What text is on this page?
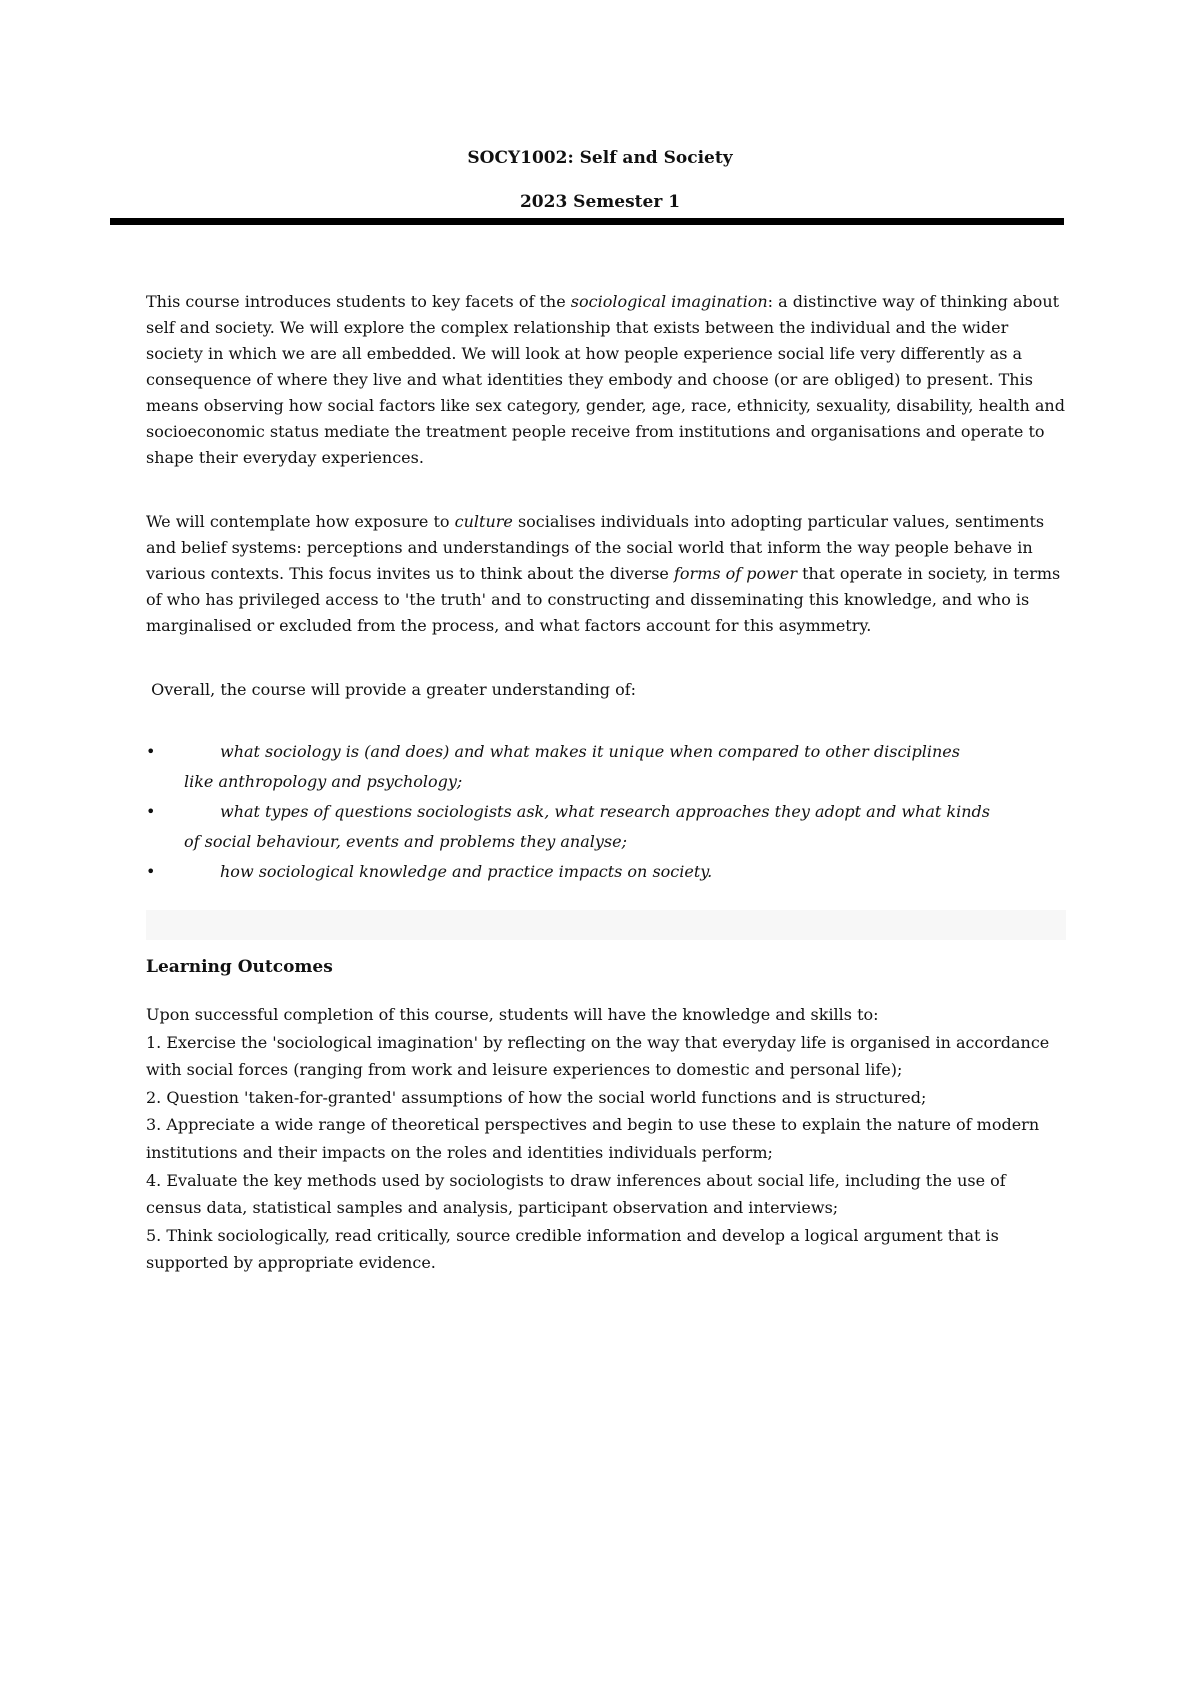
SOCY1002: Self and Society
2023 Semester 1
This course introduces students to key facets of the sociological imagination: a distinctive way of thinking about self and society. We will explore the complex relationship that exists between the individual and the wider society in which we are all embedded. We will look at how people experience social life very differently as a consequence of where they live and what identities they embody and choose (or are obliged) to present. This means observing how social factors like sex category, gender, age, race, ethnicity, sexuality, disability, health and socioeconomic status mediate the treatment people receive from institutions and organisations and operate to shape their everyday experiences.
We will contemplate how exposure to culture socialises individuals into adopting particular values, sentiments and belief systems: perceptions and understandings of the social world that inform the way people behave in various contexts. This focus invites us to think about the diverse forms of power that operate in society, in terms of who has privileged access to 'the truth' and to constructing and disseminating this knowledge, and who is marginalised or excluded from the process, and what factors account for this asymmetry.
Overall, the course will provide a greater understanding of:
•	what sociology is (and does) and what makes it unique when compared to other disciplines
like anthropology and psychology;
•	what types of questions sociologists ask, what research approaches they adopt and what kinds
of social behaviour, events and problems they analyse;
•	how sociological knowledge and practice impacts on society.
Learning Outcomes
Upon successful completion of this course, students will have the knowledge and skills to:
1. Exercise the 'sociological imagination' by reflecting on the way that everyday life is organised in accordance with social forces (ranging from work and leisure experiences to domestic and personal life);
2. Question 'taken-for-granted' assumptions of how the social world functions and is structured;
3. Appreciate a wide range of theoretical perspectives and begin to use these to explain the nature of modern institutions and their impacts on the roles and identities individuals perform;
4. Evaluate the key methods used by sociologists to draw inferences about social life, including the use of census data, statistical samples and analysis, participant observation and interviews;
5. Think sociologically, read critically, source credible information and develop a logical argument that is supported by appropriate evidence.
